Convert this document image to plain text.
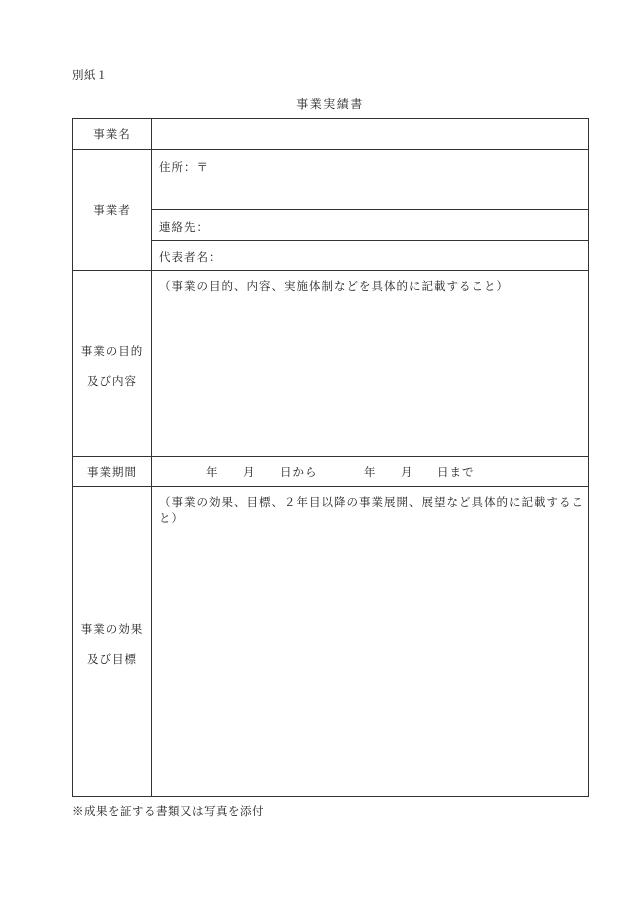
別紙１
事業実績書
事業名
事業者
住所：〒
連絡先：
代表者名：
事業の目的
及び内容
（事業の目的、内容、実施体制などを具体的に記載すること）
事業期間	年 月 日から	年 月 日まで
事業の効果
及び目標
（事業の効果、目標、２年目以降の事業展開、展望など具体的に記載すること）
※成果を証する書類又は写真を添付
